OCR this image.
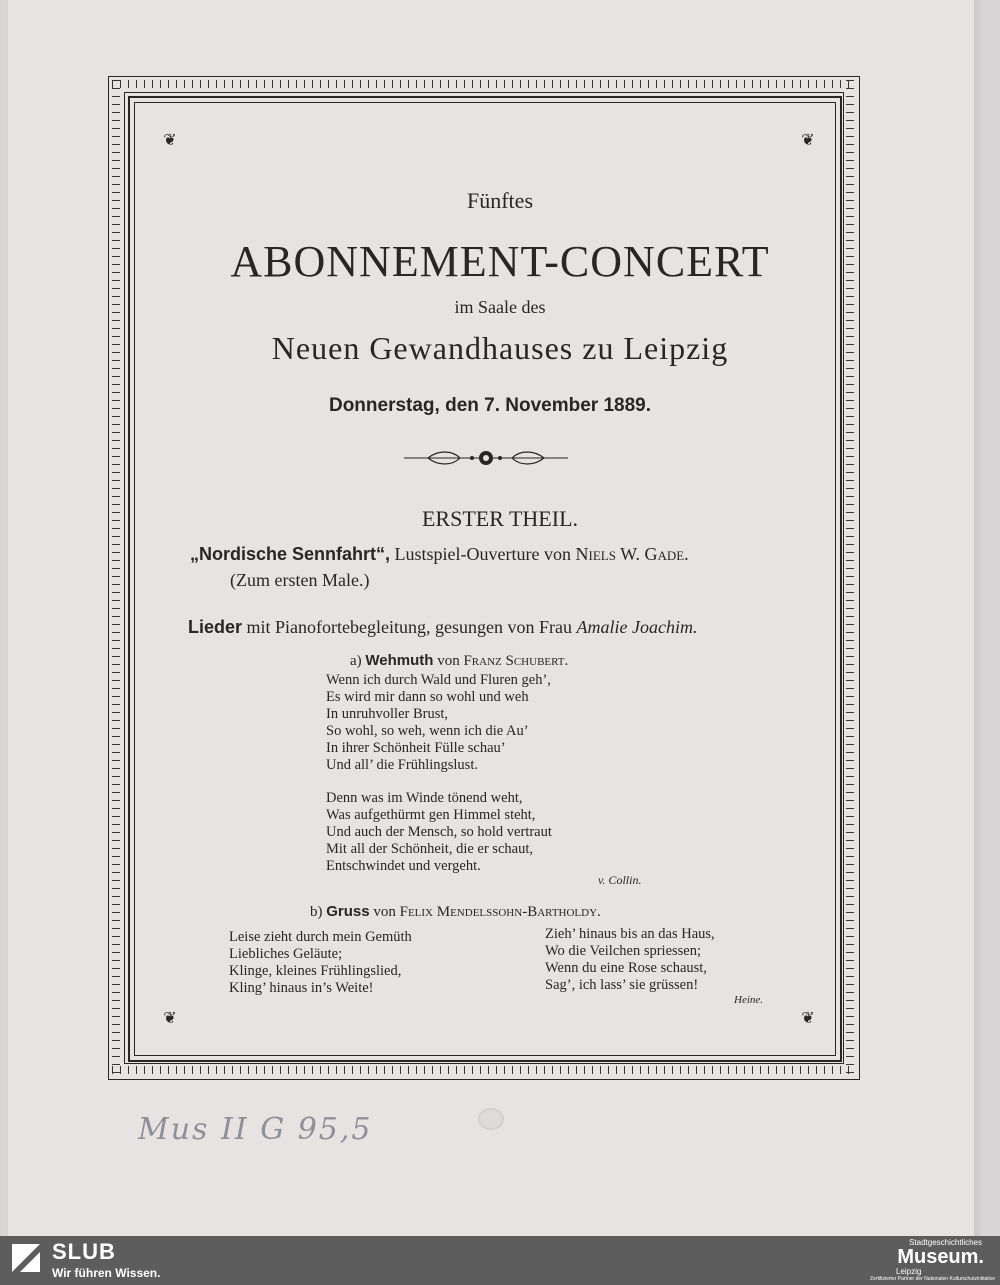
❦	❦
❦	❦
Fünftes
ABONNEMENT-CONCERT
im Saale des
Neuen Gewandhauses zu Leipzig
Donnerstag, den 7. November 1889.
ERSTER THEIL.
„Nordische Sennfahrt“, Lustspiel-Ouverture von Niels W. Gade.
(Zum ersten Male.)
Lieder mit Pianofortebegleitung, gesungen von Frau Amalie Joachim.
a) Wehmuth von Franz Schubert.
Wenn ich durch Wald und Fluren geh’,
Es wird mir dann so wohl und weh
In unruhvoller Brust,
So wohl, so weh, wenn ich die Au’
In ihrer Schönheit Fülle schau’
Und all’ die Frühlingslust.
Denn was im Winde tönend weht,
Was aufgethürmt gen Himmel steht,
Und auch der Mensch, so hold vertraut
Mit all der Schönheit, die er schaut,
Entschwindet und vergeht.
v. Collin.
b) Gruss von Felix Mendelssohn-Bartholdy.
Leise zieht durch mein Gemüth
Liebliches Geläute;
Klinge, kleines Frühlingslied,
Kling’ hinaus in’s Weite!
Zieh’ hinaus bis an das Haus,
Wo die Veilchen spriessen;
Wenn du eine Rose schaust,
Sag’, ich lass’ sie grüssen!
Heine.
Mus II G 95,5
SLUB
Wir führen Wissen.
Stadtgeschichtliches
Museum.
Leipzig
Zertifizierter Partner der Nationalen Kulturschutzinitiative
